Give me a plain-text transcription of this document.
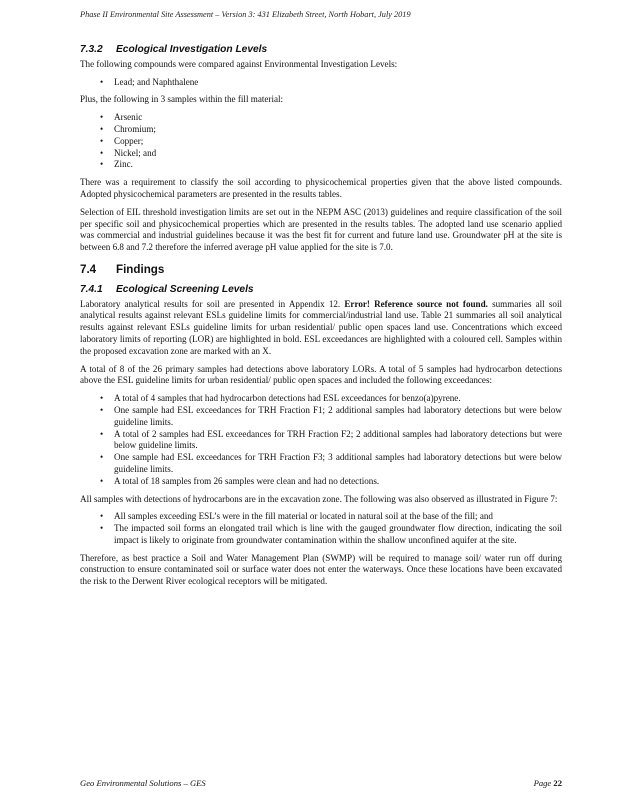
Phase II Environmental Site Assessment – Version 3: 431 Elizabeth Street, North Hobart, July 2019
7.3.2 Ecological Investigation Levels

The following compounds were compared against Environmental Investigation Levels:

• Lead; and Naphthalene

Plus, the following in 3 samples within the fill material:

• Arsenic
• Chromium;
• Copper;
• Nickel; and
• Zinc.

There was a requirement to classify the soil according to physicochemical properties given that the above listed compounds. Adopted physicochemical parameters are presented in the results tables.

Selection of EIL threshold investigation limits are set out in the NEPM ASC (2013) guidelines and require classification of the soil per specific soil and physicochemical properties which are presented in the results tables. The adopted land use scenario applied was commercial and industrial guidelines because it was the best fit for current and future land use. Groundwater pH at the site is between 6.8 and 7.2 therefore the inferred average pH value applied for the site is 7.0.

7.4 Findings
7.4.1 Ecological Screening Levels

Laboratory analytical results for soil are presented in Appendix 12. Error! Reference source not found. summaries all soil analytical results against relevant ESLs guideline limits for commercial/industrial land use. Table 21 summaries all soil analytical results against relevant ESLs guideline limits for urban residential/ public open spaces land use. Concentrations which exceed laboratory limits of reporting (LOR) are highlighted in bold. ESL exceedances are highlighted with a coloured cell. Samples within the proposed excavation zone are marked with an X.

A total of 8 of the 26 primary samples had detections above laboratory LORs. A total of 5 samples had hydrocarbon detections above the ESL guideline limits for urban residential/ public open spaces and included the following exceedances:

• A total of 4 samples that had hydrocarbon detections had ESL exceedances for benzo(a)pyrene.
• One sample had ESL exceedances for TRH Fraction F1; 2 additional samples had laboratory detections but were below guideline limits.
• A total of 2 samples had ESL exceedances for TRH Fraction F2; 2 additional samples had laboratory detections but were below guideline limits.
• One sample had ESL exceedances for TRH Fraction F3; 3 additional samples had laboratory detections but were below guideline limits.
• A total of 18 samples from 26 samples were clean and had no detections.

All samples with detections of hydrocarbons are in the excavation zone. The following was also observed as illustrated in Figure 7:

• All samples exceeding ESL’s were in the fill material or located in natural soil at the base of the fill; and
• The impacted soil forms an elongated trail which is line with the gauged groundwater flow direction, indicating the soil impact is likely to originate from groundwater contamination within the shallow unconfined aquifer at the site.

Therefore, as best practice a Soil and Water Management Plan (SWMP) will be required to manage soil/ water run off during construction to ensure contaminated soil or surface water does not enter the waterways. Once these locations have been excavated the risk to the Derwent River ecological receptors will be mitigated.

Geo Environmental Solutions – GES	Page 22
